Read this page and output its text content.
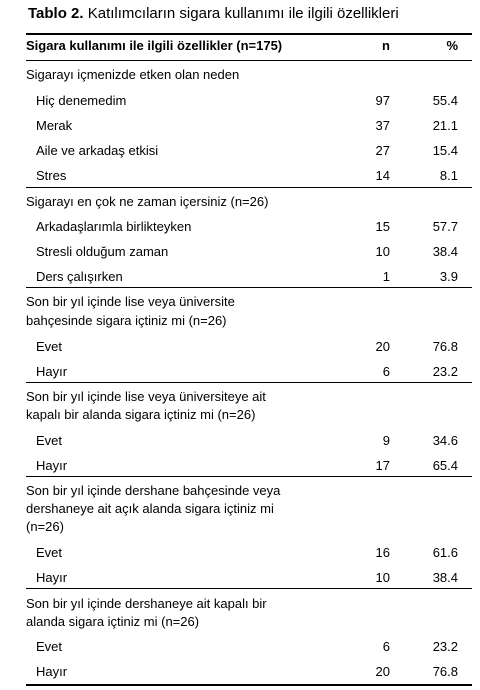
Tablo 2. Katılımcıların sigara kullanımı ile ilgili özellikleri
Sigara kullanımı ile ilgili özellikler (n=175)	n	%
Sigarayı içmenizde etken olan neden
Hiç denemedim	97	55.4
Merak	37	21.1
Aile ve arkadaş etkisi	27	15.4
Stres	14	8.1
Sigarayı en çok ne zaman içersiniz (n=26)
Arkadaşlarımla birlikteyken	15	57.7
Stresli olduğum zaman	10	38.4
Ders çalışırken	1	3.9
Son bir yıl içinde lise veya üniversite
bahçesinde sigara içtiniz mi (n=26)
Evet	20	76.8
Hayır	6	23.2
Son bir yıl içinde lise veya üniversiteye ait
kapalı bir alanda sigara içtiniz mi (n=26)
Evet	9	34.6
Hayır	17	65.4
Son bir yıl içinde dershane bahçesinde veya
dershaneye ait açık alanda sigara içtiniz mi
(n=26)
Evet	16	61.6
Hayır	10	38.4
Son bir yıl içinde dershaneye ait kapalı bir
alanda sigara içtiniz mi (n=26)
Evet	6	23.2
Hayır	20	76.8
